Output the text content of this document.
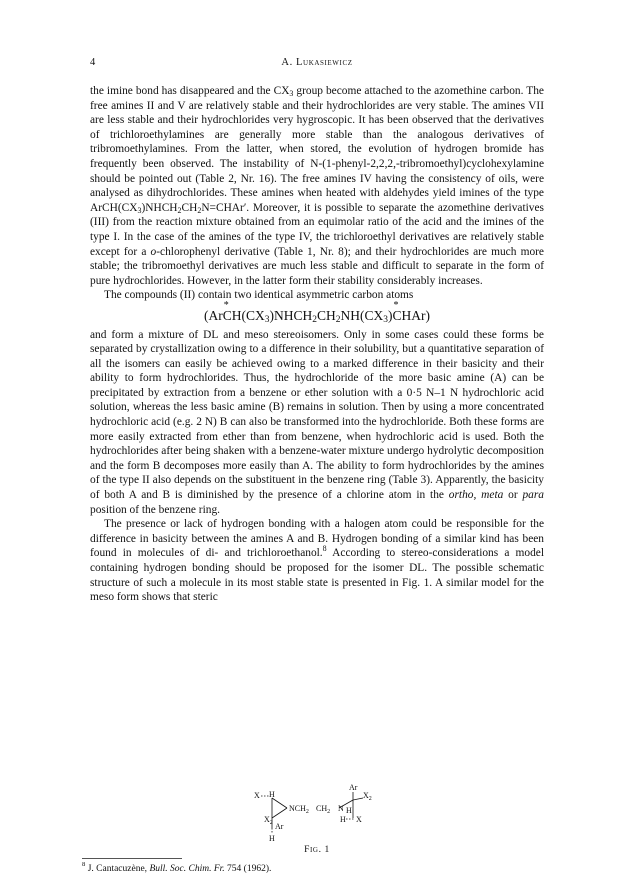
4	A. Lukasiewicz

the imine bond has disappeared and the $CX_3$ group become attached to the azomethine carbon. The free amines II and V are relatively stable and their hydrochlorides are very stable. The amines VII are less stable and their hydrochlorides very hygroscopic. It has been observed that the derivatives of trichloroethylamines are generally more stable than the analogous derivatives of tribromoethylamines. From the latter, when stored, the evolution of hydrogen bromide has frequently been observed. The instability of N-(1-phenyl-2,2,2,-tribromoethyl)cyclohexylamine should be pointed out (Table 2, Nr. 16). The free amines IV having the consistency of oils, were analysed as dihydrochlorides. These amines when heated with aldehydes yield imines of the type $ArCH(CX_3)NHCH_2CH_2N=CHAr'$. Moreover, it is possible to separate the azomethine derivatives (III) from the reaction mixture obtained from an equimolar ratio of the acid and the imines of the type I. In the case of the amines of the type IV, the trichloroethyl derivatives are relatively stable except for a o-chlorophenyl derivative (Table 1, Nr. 8); and their hydrochlorides are much more stable; the tribromoethyl derivatives are much less stable and difficult to separate in the form of pure hydrochlorides. However, in the latter form their stability considerably increases.

The compounds (II) contain two identical asymmetric carbon atoms

(Ar* $CH(CX_3)NHCH_2CH_2NH(CX_3)*$ CHAr)

and form a mixture of DL and meso stereoisomers. Only in some cases could these forms be separated by crystallization owing to a difference in their solubility, but a quantitative separation of all the isomers can easily be achieved owing to a marked difference in their basicity and their ability to form hydrochlorides. Thus, the hydrochloride of the more basic amine (A) can be precipitated by extraction from a benzene or ether solution with a 0·5 N–1 N hydrochloric acid solution, whereas the less basic amine (B) remains in solution. Then by using a more concentrated hydrochloric acid (e.g. 2 N) B can also be transformed into the hydrochloride. Both these forms are more easily extracted from ether than from benzene, when hydrochloric acid is used. Both the hydrochlorides after being shaken with a benzene-water mixture undergo hydrolytic decomposition and the form B decomposes more easily than A. The ability to form hydrochlorides by the amines of the type II also depends on the substituent in the benzene ring (Table 3). Apparently, the basicity of both A and B is diminished by the presence of a chlorine atom in the ortho, meta or para position of the benzene ring.

The presence or lack of hydrogen bonding with a halogen atom could be responsible for the difference in basicity between the amines A and B. Hydrogen bonding of a similar kind has been found in molecules of di- and trichloroethanol.$^8$ According to stereo-considerations a model containing hydrogen bonding should be proposed for the isomer DL. The possible schematic structure of such a molecule in its most stable state is presented in Fig. 1. A similar model for the meso form shows that steric

Ar
X H
$NCH_2$ $CH_2$ N H
$X_2$
$X_2$	H X
Ar
H
Fig. 1
$^8$ J. Cantacuzène, Bull. Soc. Chim. Fr. 754 (1962).
